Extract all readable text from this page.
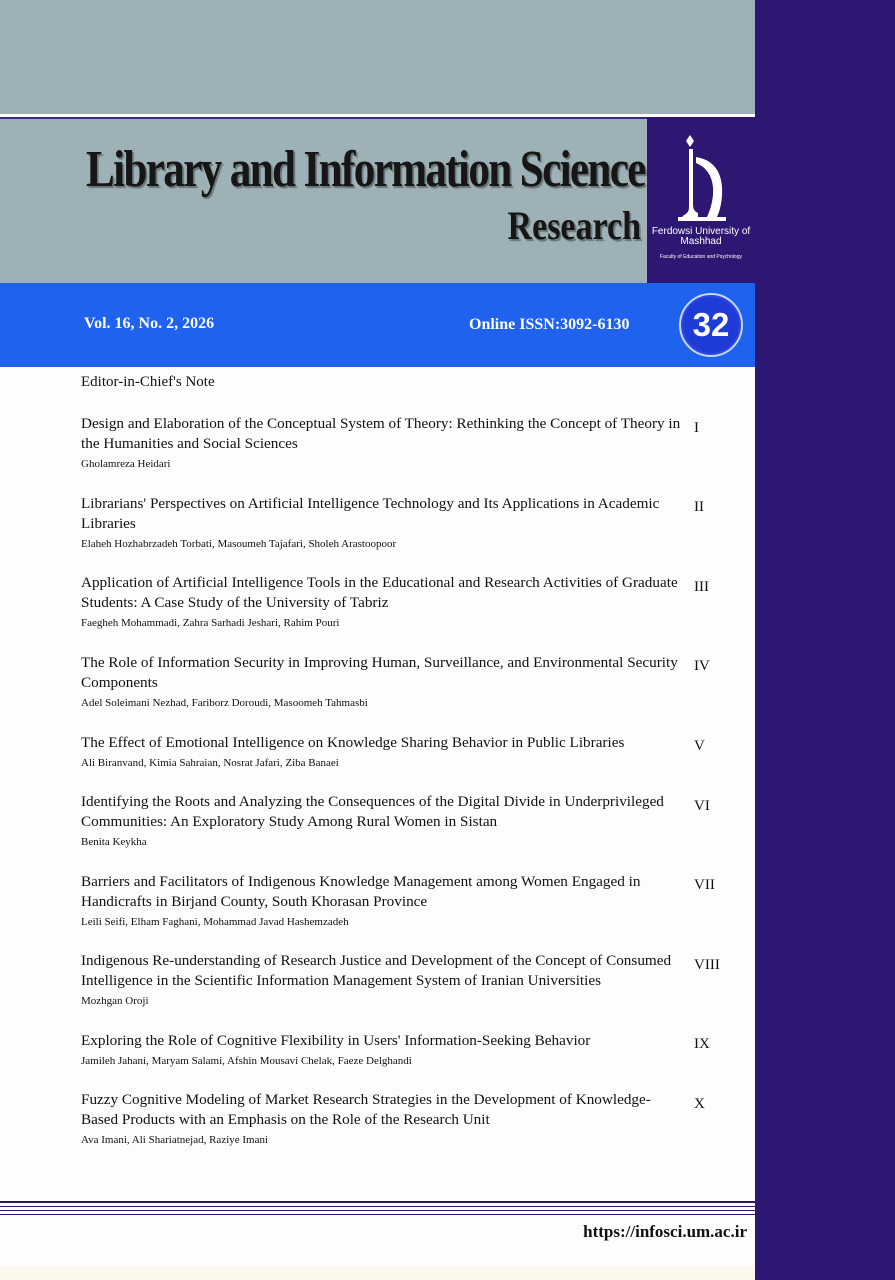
Library and Information Science
Research	Ferdowsi University of Mashhad
Faculty of Education and Psychology
Vol. 16, No. 2, 2026	Online ISSN:3092-6130	32
Editor-in-Chief's Note
Design and Elaboration of the Conceptual System of Theory: Rethinking the Concept of Theory in the Humanities and Social Sciences
Gholamreza Heidari
I
Librarians' Perspectives on Artificial Intelligence Technology and Its Applications in Academic Libraries
Elaheh Hozhabrzadeh Torbati, Masoumeh Tajafari, Sholeh Arastoopoor
II
Application of Artificial Intelligence Tools in the Educational and Research Activities of Graduate Students: A Case Study of the University of Tabriz
Faegheh Mohammadi, Zahra Sarhadi Jeshari, Rahim Pouri
III
The Role of Information Security in Improving Human, Surveillance, and Environmental Security Components
Adel Soleimani Nezhad, Fariborz Doroudi, Masoomeh Tahmasbi
IV
The Effect of Emotional Intelligence on Knowledge Sharing Behavior in Public Libraries
Ali Biranvand, Kimia Sahraian, Nosrat Jafari, Ziba Banaei
V
Identifying the Roots and Analyzing the Consequences of the Digital Divide in Underprivileged Communities: An Exploratory Study Among Rural Women in Sistan
Benita Keykha
VI
Barriers and Facilitators of Indigenous Knowledge Management among Women Engaged in Handicrafts in Birjand County, South Khorasan Province
Leili Seifi, Elham Faghani, Mohammad Javad Hashemzadeh
VII
Indigenous Re-understanding of Research Justice and Development of the Concept of Consumed Intelligence in the Scientific Information Management System of Iranian Universities
Mozhgan Oroji
VIII
Exploring the Role of Cognitive Flexibility in Users' Information-Seeking Behavior
Jamileh Jahani, Maryam Salami, Afshin Mousavi Chelak, Faeze Delghandi
IX
Fuzzy Cognitive Modeling of Market Research Strategies in the Development of Knowledge-Based Products with an Emphasis on the Role of the Research Unit
Ava Imani, Ali Shariatnejad, Raziye Imani
X
https://infosci.um.ac.ir
